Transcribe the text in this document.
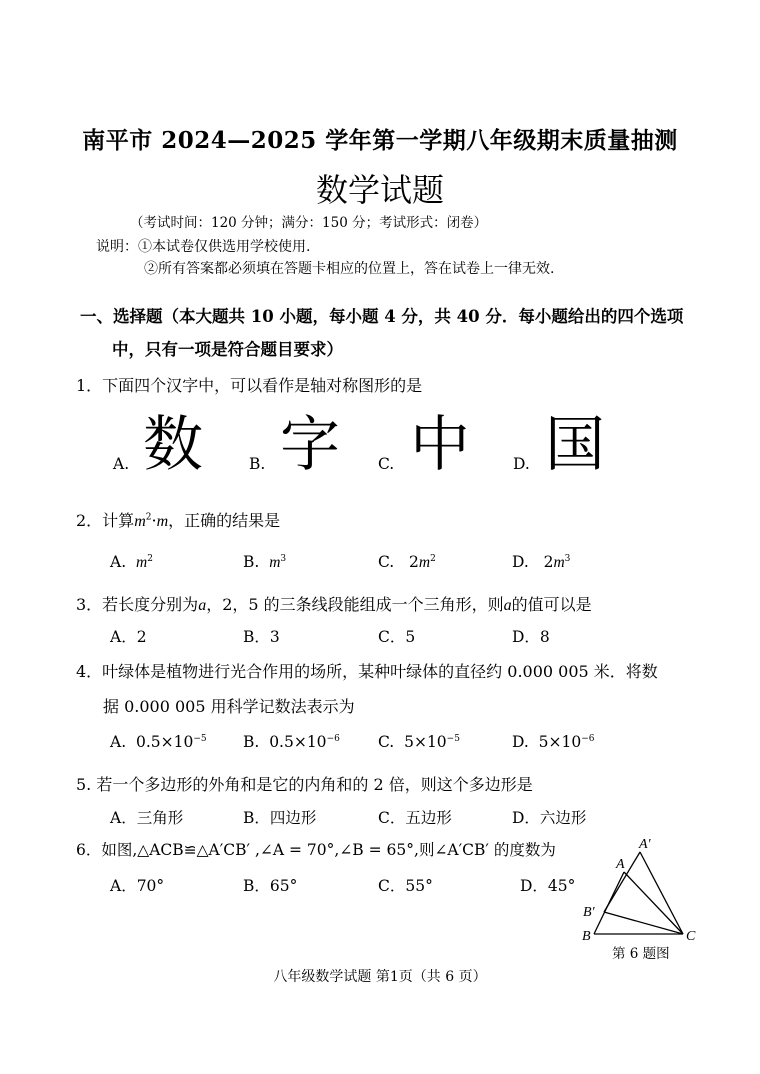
南平市 2024—2025 学年第一学期八年级期末质量抽测
数学试题
（考试时间：120 分钟；满分：150 分；考试形式：闭卷）
说明：①本试卷仅供选用学校使用.
②所有答案都必须填在答题卡相应的位置上，答在试卷上一律无效.
一、选择题（本大题共 10 小题，每小题 4 分，共 40 分．每小题给出的四个选项
中，只有一项是符合题目要求）
1．下面四个汉字中，可以看作是轴对称图形的是
A. 数	B. 字 C. 中	D. 国
2．计算$m^2\cdot m$，正确的结果是
A. $m^2$	B. $m^3$	C. $2m^2$	D. $2m^3$
3．若长度分别为a，2，5 的三条线段能组成一个三角形，则a的值可以是
A．2	B．3	C．5	D．8
4．叶绿体是植物进行光合作用的场所，某种叶绿体的直径约 0.000 005 米．将数
据 0.000 005 用科学记数法表示为
A. $0.5\times 10^{-5}$ B. $0.5\times 10^{-6}$ C. $5\times 10^{-5}$	D. $5\times 10^{-6}$
5. 若一个多边形的外角和是它的内角和的 2 倍，则这个多边形是
A．三角形	B．四边形	C．五边形	D．六边形
6．如图,△ACB≌△A′CB′ ,∠A = 70°,∠B = 65°,则∠A′CB′ 的度数为
A．70°	B．65°	C．55°	D．45°
A′
A
B′
B	C
第 6 题图
八年级数学试题 第1页（共 6 页）
